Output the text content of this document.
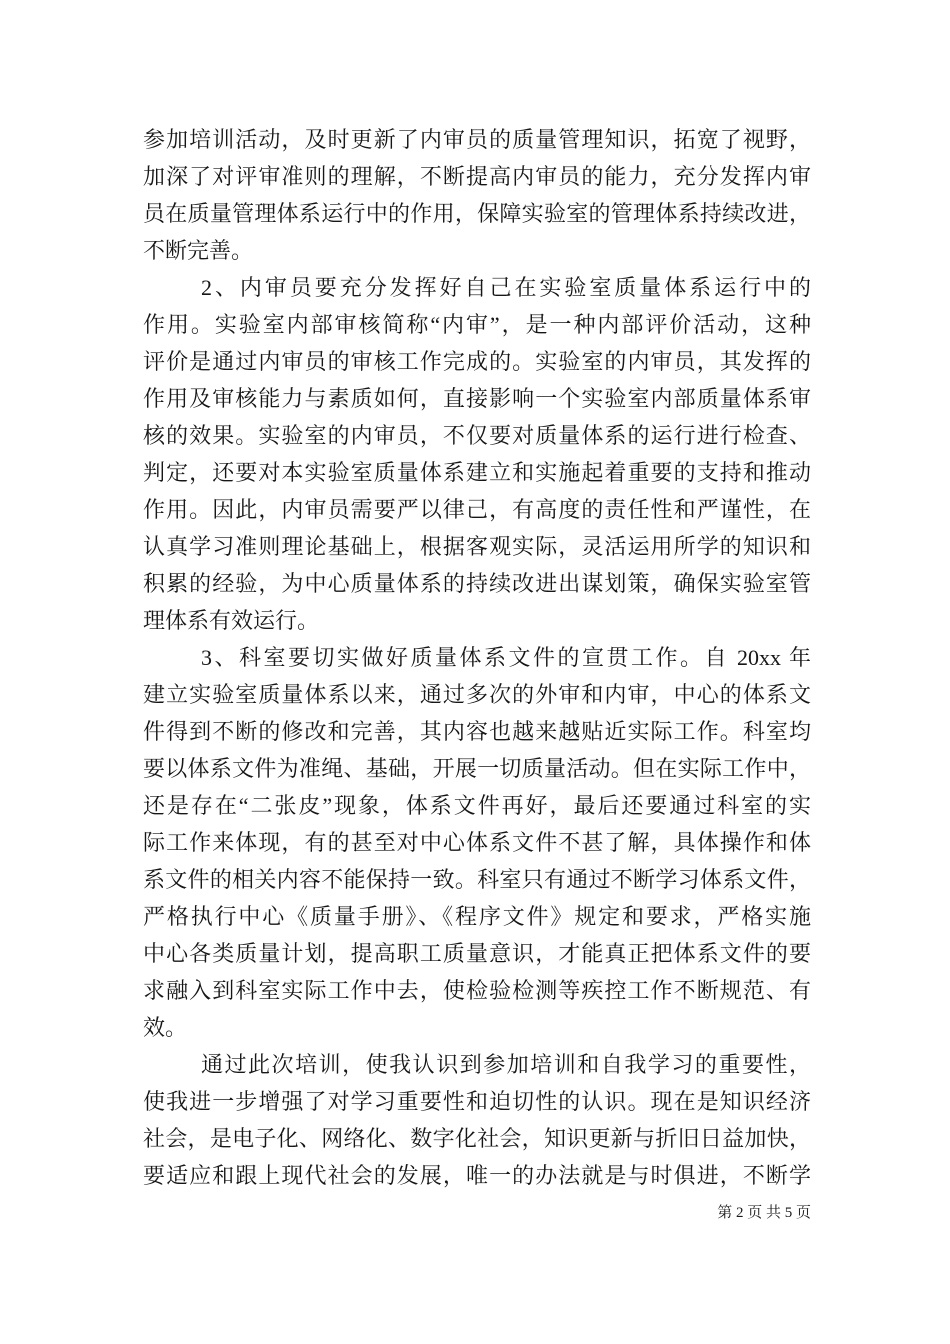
参加培训活动，及时更新了内审员的质量管理知识，拓宽了视野，
加深了对评审准则的理解，不断提高内审员的能力，充分发挥内审
员在质量管理体系运行中的作用，保障实验室的管理体系持续改进，
不断完善。
2、内审员要充分发挥好自己在实验室质量体系运行中的
作用。实验室内部审核简称“内审”，是一种内部评价活动，这种
评价是通过内审员的审核工作完成的。实验室的内审员，其发挥的
作用及审核能力与素质如何，直接影响一个实验室内部质量体系审
核的效果。实验室的内审员，不仅要对质量体系的运行进行检查、
判定，还要对本实验室质量体系建立和实施起着重要的支持和推动
作用。因此，内审员需要严以律己，有高度的责任性和严谨性，在
认真学习准则理论基础上，根据客观实际，灵活运用所学的知识和
积累的经验，为中心质量体系的持续改进出谋划策，确保实验室管
理体系有效运行。
3、科室要切实做好质量体系文件的宣贯工作。自 20xx 年
建立实验室质量体系以来，通过多次的外审和内审，中心的体系文
件得到不断的修改和完善，其内容也越来越贴近实际工作。科室均
要以体系文件为准绳、基础，开展一切质量活动。但在实际工作中，
还是存在“二张皮”现象，体系文件再好，最后还要通过科室的实
际工作来体现，有的甚至对中心体系文件不甚了解，具体操作和体
系文件的相关内容不能保持一致。科室只有通过不断学习体系文件，
严格执行中心《质量手册》、《程序文件》规定和要求，严格实施
中心各类质量计划，提高职工质量意识，才能真正把体系文件的要
求融入到科室实际工作中去，使检验检测等疾控工作不断规范、有
效。
通过此次培训，使我认识到参加培训和自我学习的重要性，
使我进一步增强了对学习重要性和迫切性的认识。现在是知识经济
社会，是电子化、网络化、数字化社会，知识更新与折旧日益加快，
要适应和跟上现代社会的发展，唯一的办法就是与时俱进，不断学
第 2 页 共 5 页
